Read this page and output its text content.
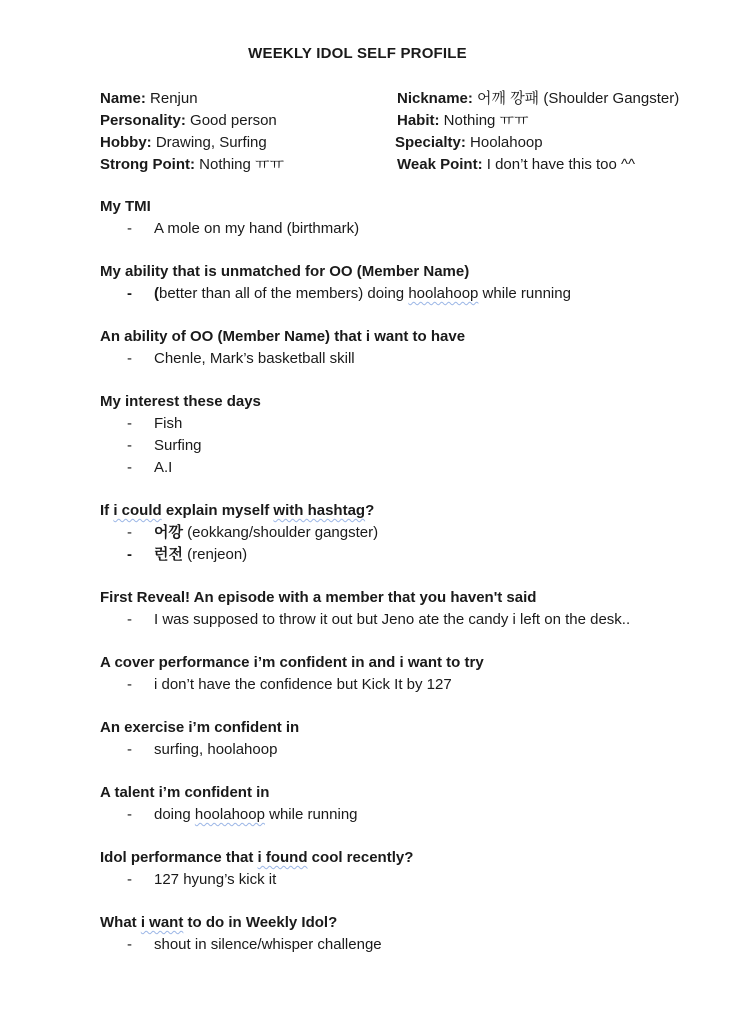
WEEKLY IDOL SELF PROFILE
Name: Renjun	Nickname: 어깨 깡패 (Shoulder Gangster)
Personality: Good person	Habit: Nothing ㅠㅠ
Hobby: Drawing, Surfing	Specialty: Hoolahoop
Strong Point: Nothing ㅠㅠ	Weak Point: I don’t have this too ^^
My TMI
- A mole on my hand (birthmark)
My ability that is unmatched for OO (Member Name)
- (better than all of the members) doing hoolahoop while running
An ability of OO (Member Name) that i want to have
- Chenle, Mark’s basketball skill
My interest these days
- Fish
- Surfing
- A.I
If i could explain myself with hashtag?
- 어깡 (eokkang/shoulder gangster)
- 런전 (renjeon)
First Reveal! An episode with a member that you haven't said
- I was supposed to throw it out but Jeno ate the candy i left on the desk..
A cover performance i’m confident in and i want to try
- i don’t have the confidence but Kick It by 127
An exercise i’m confident in
- surfing, hoolahoop
A talent i’m confident in
- doing hoolahoop while running
Idol performance that i found cool recently?
- 127 hyung’s kick it
What i want to do in Weekly Idol?
- shout in silence/whisper challenge
